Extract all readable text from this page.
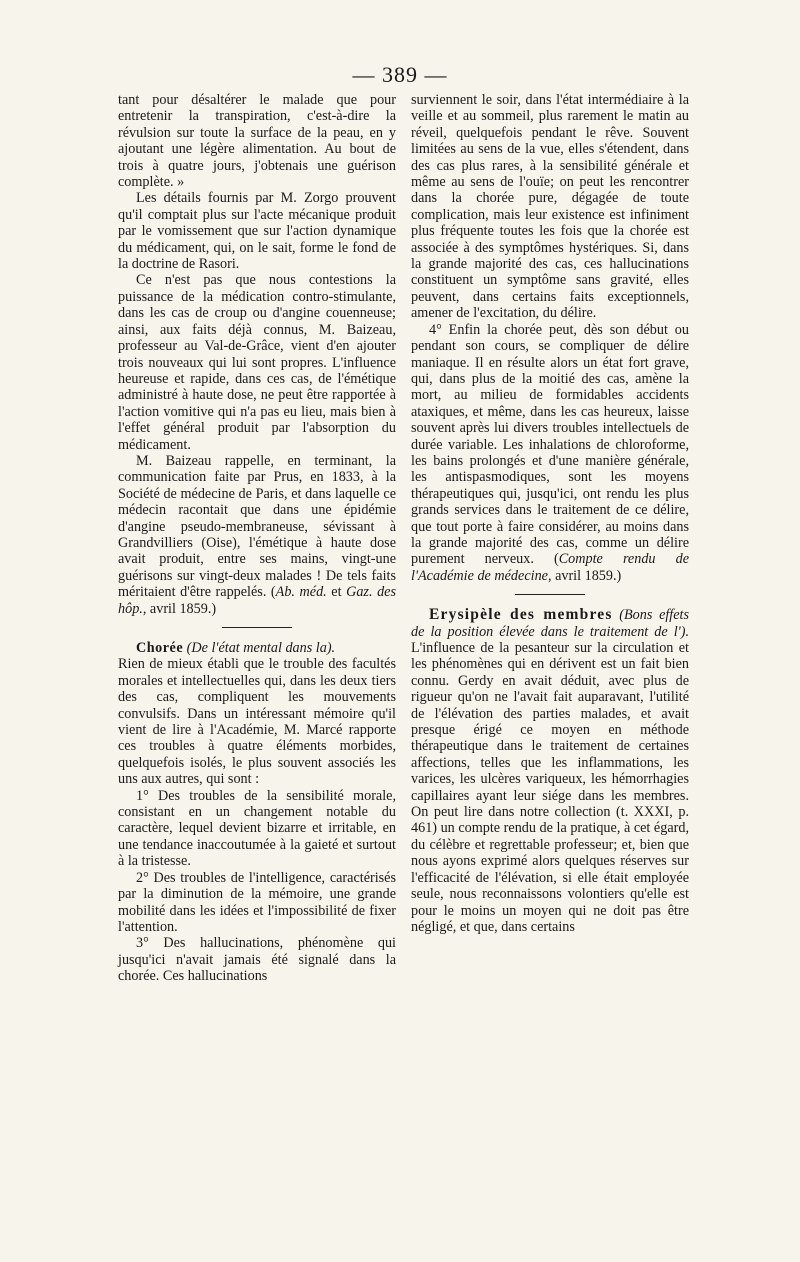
— 389 —

tant pour désaltérer le malade que pour entretenir la transpiration, c'est-à-dire la révulsion sur toute la surface de la peau, en y ajoutant une légère alimentation. Au bout de trois à quatre jours, j'obtenais une guérison complète. »

Les détails fournis par M. Zorgo prouvent qu'il comptait plus sur l'acte mécanique produit par le vomissement que sur l'action dynamique du médicament, qui, on le sait, forme le fond de la doctrine de Rasori.

Ce n'est pas que nous contestions la puissance de la médication contro-stimulante, dans les cas de croup ou d'angine couenneuse; ainsi, aux faits déjà connus, M. Baizeau, professeur au Val-de-Grâce, vient d'en ajouter trois nouveaux qui lui sont propres. L'influence heureuse et rapide, dans ces cas, de l'émétique administré à haute dose, ne peut être rapportée à l'action vomitive qui n'a pas eu lieu, mais bien à l'effet général produit par l'absorption du médicament.

M. Baizeau rappelle, en terminant, la communication faite par Prus, en 1833, à la Société de médecine de Paris, et dans laquelle ce médecin racontait que dans une épidémie d'angine pseudo-membraneuse, sévissant à Grandvilliers (Oise), l'émétique à haute dose avait produit, entre ses mains, vingt-une guérisons sur vingt-deux malades ! De tels faits méritaient d'être rappelés. (Ab. méd. et Gaz. des hôp., avril 1859.)

Chorée (De l'état mental dans la).

Rien de mieux établi que le trouble des facultés morales et intellectuelles qui, dans les deux tiers des cas, compliquent les mouvements convulsifs. Dans un intéressant mémoire qu'il vient de lire à l'Académie, M. Marcé rapporte ces troubles à quatre éléments morbides, quelquefois isolés, le plus souvent associés les uns aux autres, qui sont :

1° Des troubles de la sensibilité morale, consistant en un changement notable du caractère, lequel devient bizarre et irritable, en une tendance inaccoutumée à la gaieté et surtout à la tristesse.

2° Des troubles de l'intelligence, caractérisés par la diminution de la mémoire, une grande mobilité dans les idées et l'impossibilité de fixer l'attention.

3° Des hallucinations, phénomène qui jusqu'ici n'avait jamais été signalé dans la chorée. Ces hallucinations

surviennent le soir, dans l'état intermédiaire à la veille et au sommeil, plus rarement le matin au réveil, quelquefois pendant le rêve. Souvent limitées au sens de la vue, elles s'étendent, dans des cas plus rares, à la sensibilité générale et même au sens de l'ouïe; on peut les rencontrer dans la chorée pure, dégagée de toute complication, mais leur existence est infiniment plus fréquente toutes les fois que la chorée est associée à des symptômes hystériques. Si, dans la grande majorité des cas, ces hallucinations constituent un symptôme sans gravité, elles peuvent, dans certains faits exceptionnels, amener de l'excitation, du délire.

4° Enfin la chorée peut, dès son début ou pendant son cours, se compliquer de délire maniaque. Il en résulte alors un état fort grave, qui, dans plus de la moitié des cas, amène la mort, au milieu de formidables accidents ataxiques, et même, dans les cas heureux, laisse souvent après lui divers troubles intellectuels de durée variable. Les inhalations de chloroforme, les bains prolongés et d'une manière générale, les antispasmodiques, sont les moyens thérapeutiques qui, jusqu'ici, ont rendu les plus grands services dans le traitement de ce délire, que tout porte à faire considérer, au moins dans la grande majorité des cas, comme un délire purement nerveux. (Compte rendu de l'Académie de médecine, avril 1859.)

Erysipèle des membres (Bons effets de la position élevée dans le traitement de l'). L'influence de la pesanteur sur la circulation et les phénomènes qui en dérivent est un fait bien connu. Gerdy en avait déduit, avec plus de rigueur qu'on ne l'avait fait auparavant, l'utilité de l'élévation des parties malades, et avait presque érigé ce moyen en méthode thérapeutique dans le traitement de certaines affections, telles que les inflammations, les varices, les ulcères variqueux, les hémorrhagies capillaires ayant leur siége dans les membres. On peut lire dans notre collection (t. XXXI, p. 461) un compte rendu de la pratique, à cet égard, du célèbre et regrettable professeur; et, bien que nous ayons exprimé alors quelques réserves sur l'efficacité de l'élévation, si elle était employée seule, nous reconnaissons volontiers qu'elle est pour le moins un moyen qui ne doit pas être négligé, et que, dans certains
